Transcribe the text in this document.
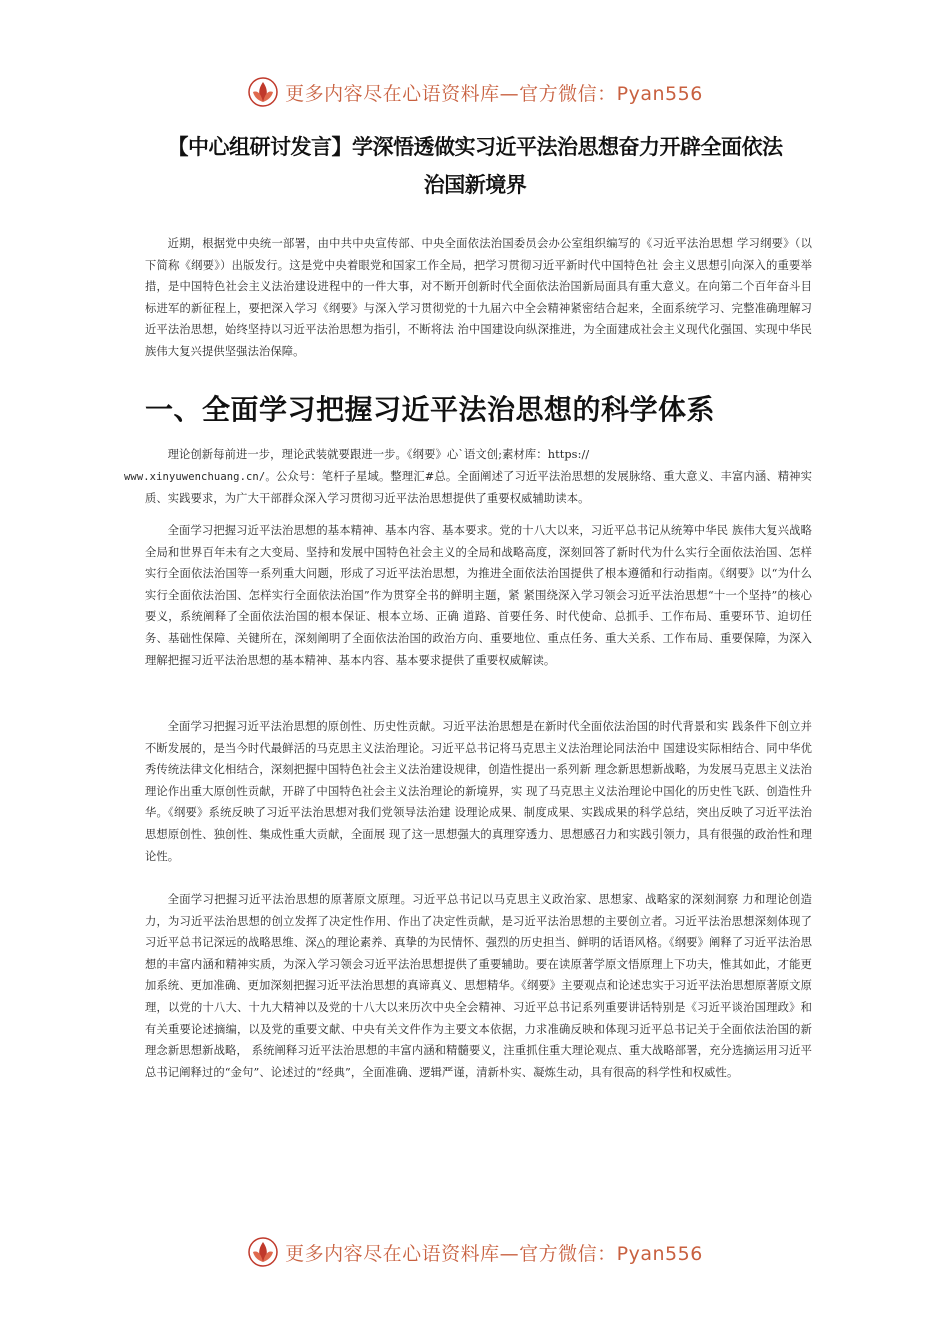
更多内容尽在心语资料库—官方微信：Pyan556
【中心组研讨发言】学深悟透做实习近平法治思想奋力开辟全面依法
治国新境界

近期，根据党中央统一部署，由中共中央宣传部、中央全面依法治国委员会办公室组织编写的《习近平法治思想 学习纲要》（以下简称《纲要》）出版发行。这是党中央着眼党和国家工作全局，把学习贯彻习近平新时代中国特色社 会主义思想引向深入的重要举措，是中国特色社会主义法治建设进程中的一件大事，对不断开创新时代全面依法治国新局面具有重大意义。在向第二个百年奋斗目标进军的新征程上，要把深入学习《纲要》与深入学习贯彻党的十九届六中全会精神紧密结合起来，全面系统学习、完整准确理解习近平法治思想，始终坚持以习近平法治思想为指引，不断将法 治中国建设向纵深推进，为全面建成社会主义现代化强国、实现中华民族伟大复兴提供坚强法治保障。

一、全面学习把握习近平法治思想的科学体系

理论创新每前进一步，理论武装就要跟进一步。《纲要》心`语文创;素材库：https://
www.xinyuwenchuang.cn/。公众号：笔杆子星域。整理汇#总。全面阐述了习近平法治思想的发展脉络、重大意义、丰富内涵、精神实质、实践要求，为广大干部群众深入学习贯彻习近平法治思想提供了重要权威辅助读本。

全面学习把握习近平法治思想的基本精神、基本内容、基本要求。党的十八大以来，习近平总书记从统筹中华民 族伟大复兴战略全局和世界百年未有之大变局、坚持和发展中国特色社会主义的全局和战略高度，深刻回答了新时代为什么实行全面依法治国、怎样实行全面依法治国等一系列重大问题，形成了习近平法治思想，为推进全面依法治国提供了根本遵循和行动指南。《纲要》以“为什么实行全面依法治国、怎样实行全面依法治国”作为贯穿全书的鲜明主题，紧 紧围绕深入学习领会习近平法治思想“十一个坚持”的核心要义，系统阐释了全面依法治国的根本保证、根本立场、正确 道路、首要任务、时代使命、总抓手、工作布局、重要环节、迫切任务、基础性保障、关键所在，深刻阐明了全面依法治国的政治方向、重要地位、重点任务、重大关系、工作布局、重要保障，为深入理解把握习近平法治思想的基本精神、基本内容、基本要求提供了重要权威解读。

全面学习把握习近平法治思想的原创性、历史性贡献。习近平法治思想是在新时代全面依法治国的时代背景和实 践条件下创立并不断发展的，是当今时代最鲜活的马克思主义法治理论。习近平总书记将马克思主义法治理论同法治中 国建设实际相结合、同中华优秀传统法律文化相结合，深刻把握中国特色社会主义法治建设规律，创造性提出一系列新 理念新思想新战略，为发展马克思主义法治理论作出重大原创性贡献，开辟了中国特色社会主义法治理论的新境界，实 现了马克思主义法治理论中国化的历史性飞跃、创造性升华。《纲要》系统反映了习近平法治思想对我们党领导法治建 设理论成果、制度成果、实践成果的科学总结，突出反映了习近平法治思想原创性、独创性、集成性重大贡献，全面展 现了这一思想强大的真理穿透力、思想感召力和实践引领力，具有很强的政治性和理论性。

全面学习把握习近平法治思想的原著原文原理。习近平总书记以马克思主义政治家、思想家、战略家的深刻洞察 力和理论创造力，为习近平法治思想的创立发挥了决定性作用、作出了决定性贡献，是习近平法治思想的主要创立者。习近平法治思想深刻体现了习近平总书记深远的战略思维、深△的理论素养、真挚的为民情怀、强烈的历史担当、鲜明的话语风格。《纲要》阐释了习近平法治思想的丰富内涵和精神实质，为深入学习领会习近平法治思想提供了重要辅助。要在读原著学原文悟原理上下功夫，惟其如此，才能更加系统、更加准确、更加深刻把握习近平法治思想的真谛真义、思想精华。《纲要》主要观点和论述忠实于习近平法治思想原著原文原理，以党的十八大、十九大精神以及党的十八大以来历次中央全会精神、习近平总书记系列重要讲话特别是《习近平谈治国理政》和有关重要论述摘编，以及党的重要文献、中央有关文件作为主要文本依据，力求准确反映和体现习近平总书记关于全面依法治国的新理念新思想新战略， 系统阐释习近平法治思想的丰富内涵和精髓要义，注重抓住重大理论观点、重大战略部署，充分选摘运用习近平总书记阐释过的“金句”、论述过的“经典”，全面准确、逻辑严谨，清新朴实、凝炼生动，具有很高的科学性和权威性。

更多内容尽在心语资料库—官方微信：Pyan556
